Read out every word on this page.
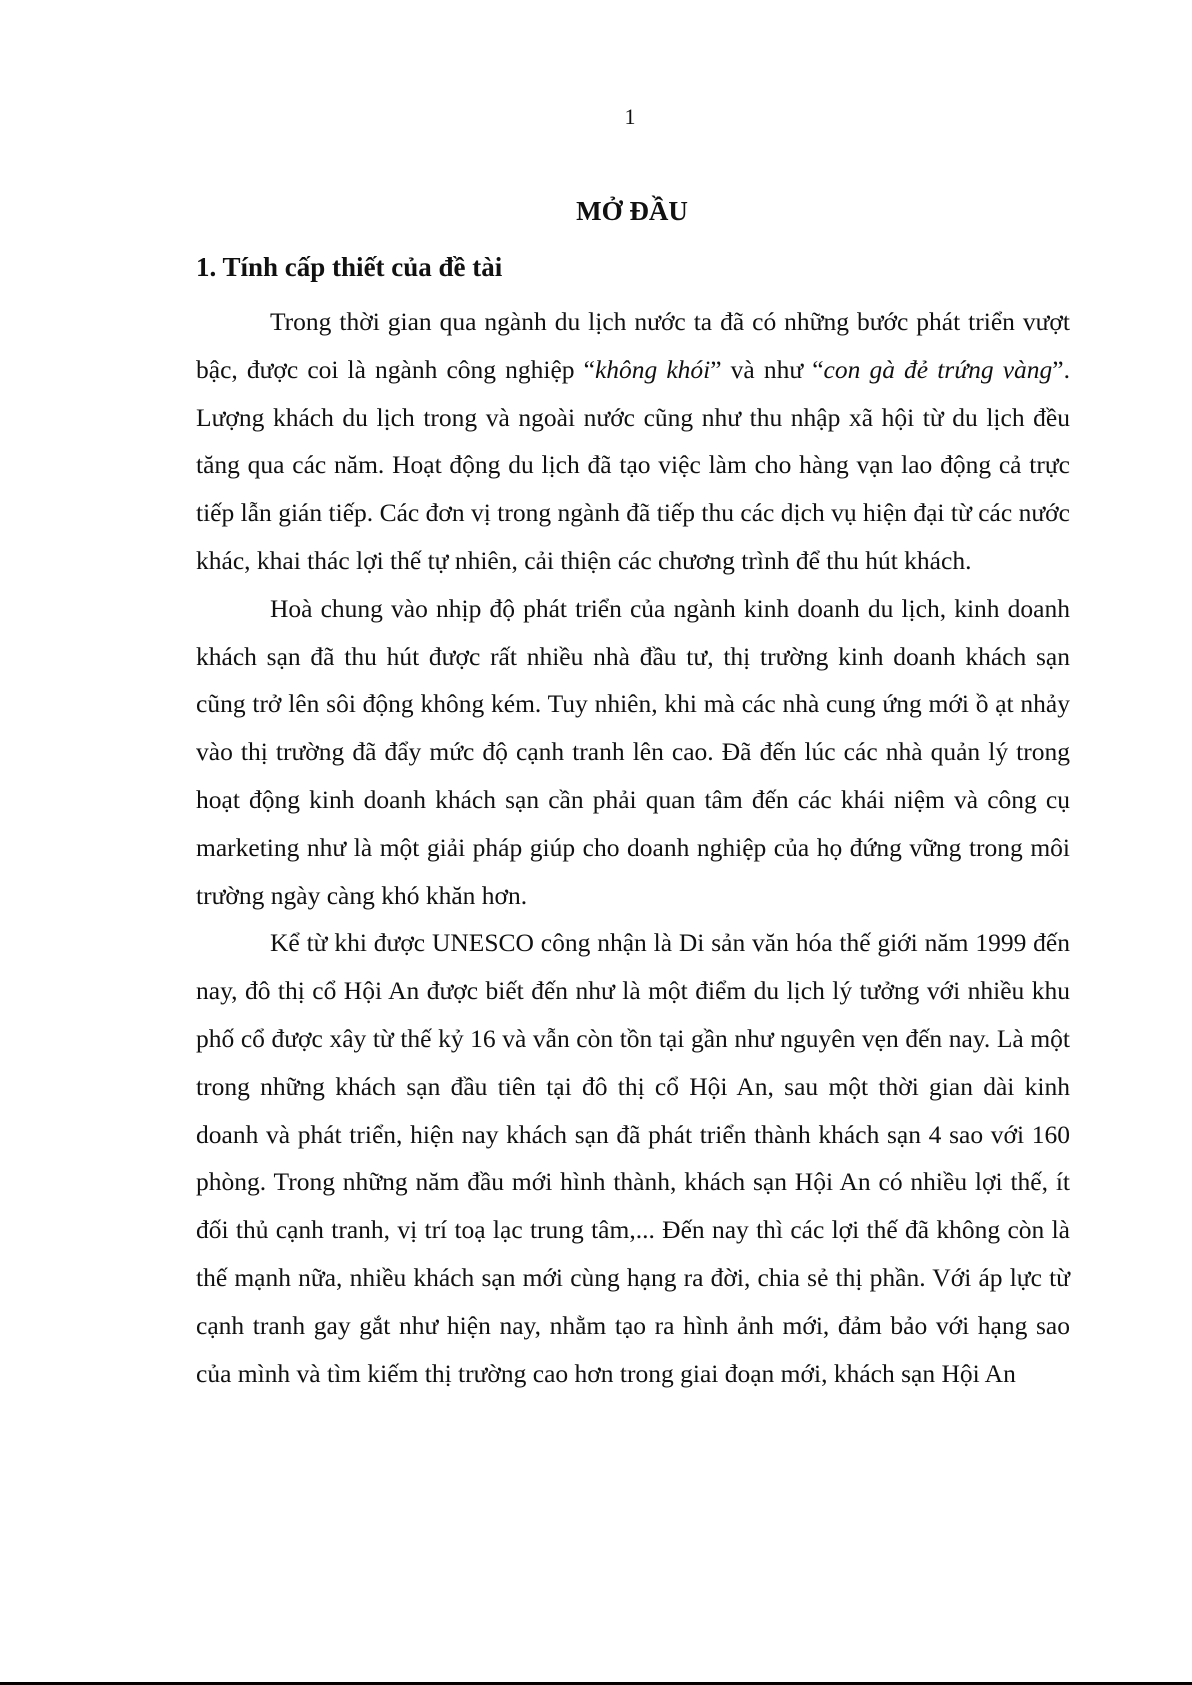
1
MỞ ĐẦU
1. Tính cấp thiết của đề tài

Trong thời gian qua ngành du lịch nước ta đã có những bước phát triển vượt bậc, được coi là ngành công nghiệp “không khói” và như “con gà đẻ trứng vàng”. Lượng khách du lịch trong và ngoài nước cũng như thu nhập xã hội từ du lịch đều tăng qua các năm. Hoạt động du lịch đã tạo việc làm cho hàng vạn lao động cả trực tiếp lẫn gián tiếp. Các đơn vị trong ngành đã tiếp thu các dịch vụ hiện đại từ các nước khác, khai thác lợi thế tự nhiên, cải thiện các chương trình để thu hút khách.

Hoà chung vào nhịp độ phát triển của ngành kinh doanh du lịch, kinh doanh khách sạn đã thu hút được rất nhiều nhà đầu tư, thị trường kinh doanh khách sạn cũng trở lên sôi động không kém. Tuy nhiên, khi mà các nhà cung ứng mới ồ ạt nhảy vào thị trường đã đẩy mức độ cạnh tranh lên cao. Đã đến lúc các nhà quản lý trong hoạt động kinh doanh khách sạn cần phải quan tâm đến các khái niệm và công cụ marketing như là một giải pháp giúp cho doanh nghiệp của họ đứng vững trong môi trường ngày càng khó khăn hơn.

Kể từ khi được UNESCO công nhận là Di sản văn hóa thế giới năm 1999 đến nay, đô thị cổ Hội An được biết đến như là một điểm du lịch lý tưởng với nhiều khu phố cổ được xây từ thế kỷ 16 và vẫn còn tồn tại gần như nguyên vẹn đến nay. Là một trong những khách sạn đầu tiên tại đô thị cổ Hội An, sau một thời gian dài kinh doanh và phát triển, hiện nay khách sạn đã phát triển thành khách sạn 4 sao với 160 phòng. Trong những năm đầu mới hình thành, khách sạn Hội An có nhiều lợi thế, ít đối thủ cạnh tranh, vị trí toạ lạc trung tâm,... Đến nay thì các lợi thế đã không còn là thế mạnh nữa, nhiều khách sạn mới cùng hạng ra đời, chia sẻ thị phần. Với áp lực từ cạnh tranh gay gắt như hiện nay, nhằm tạo ra hình ảnh mới, đảm bảo với hạng sao của mình và tìm kiếm thị trường cao hơn trong giai đoạn mới, khách sạn Hội An
